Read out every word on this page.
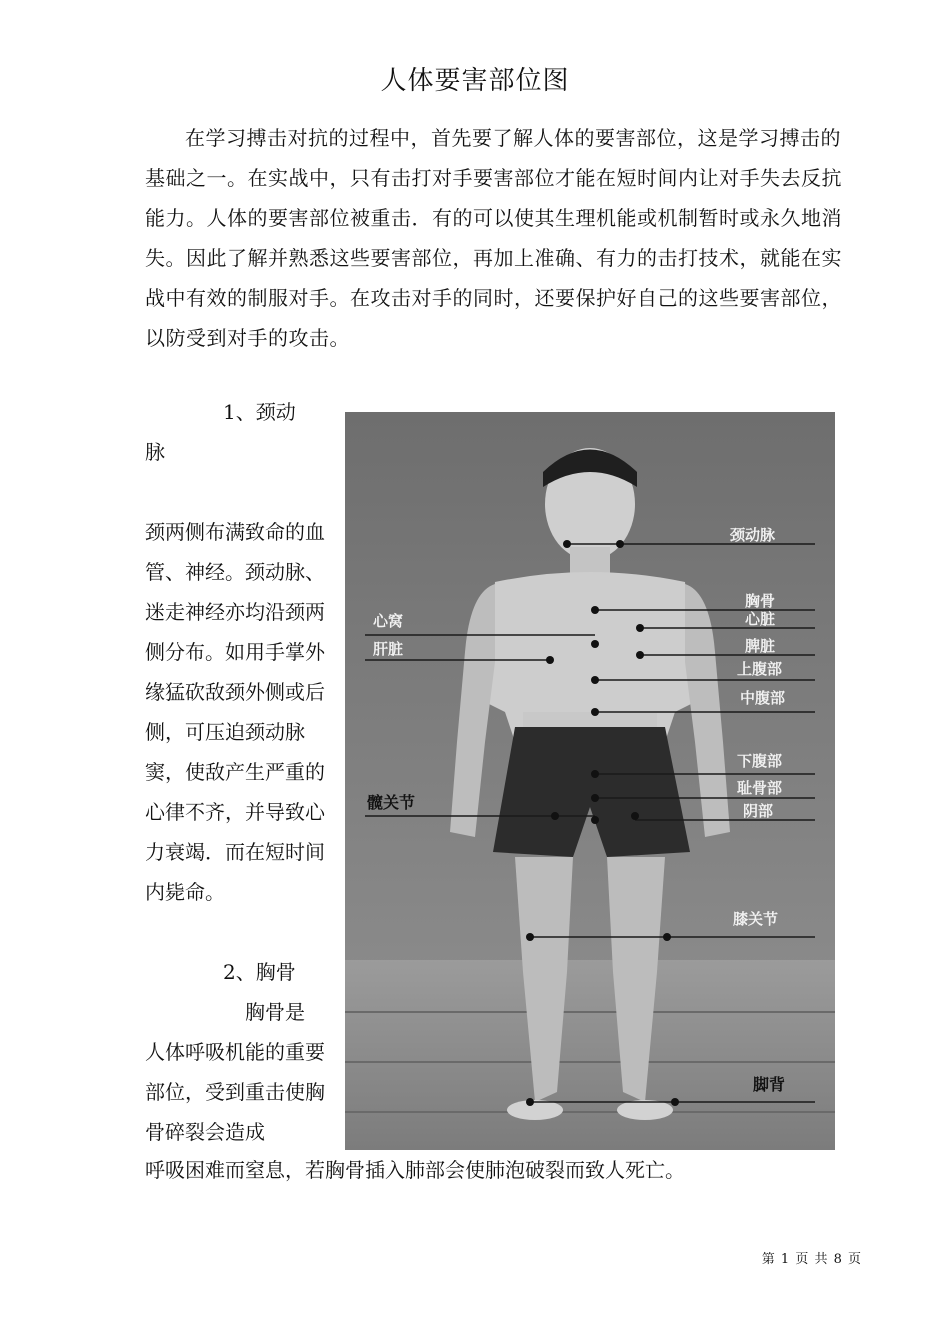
人体要害部位图
在学习搏击对抗的过程中，首先要了解人体的要害部位，这是学习搏击的基础之一。在实战中，只有击打对手要害部位才能在短时间内让对手失去反抗能力。人体的要害部位被重击．有的可以使其生理机能或机制暂时或永久地消失。因此了解并熟悉这些要害部位，再加上准确、有力的击打技术，就能在实战中有效的制服对手。在攻击对手的同时，还要保护好自己的这些要害部位，以防受到对手的攻击。
1、颈动
脉
颈两侧布满致命的血管、神经。颈动脉、迷走神经亦均沿颈两侧分布。如用手掌外缘猛砍敌颈外侧或后侧，可压迫颈动脉窦，使敌产生严重的心律不齐，并导致心力衰竭．而在短时间内毙命。
2、胸骨
胸骨是
人体呼吸机能的重要部位，受到重击使胸骨碎裂会造成
呼吸困难而窒息，若胸骨插入肺部会使肺泡破裂而致人死亡。
颈动脉
胸骨
心脏
脾脏
上腹部
中腹部
心窝
肝脏
下腹部
耻骨部
阴部
髋关节
膝关节
脚背
第 1 页 共 8 页
